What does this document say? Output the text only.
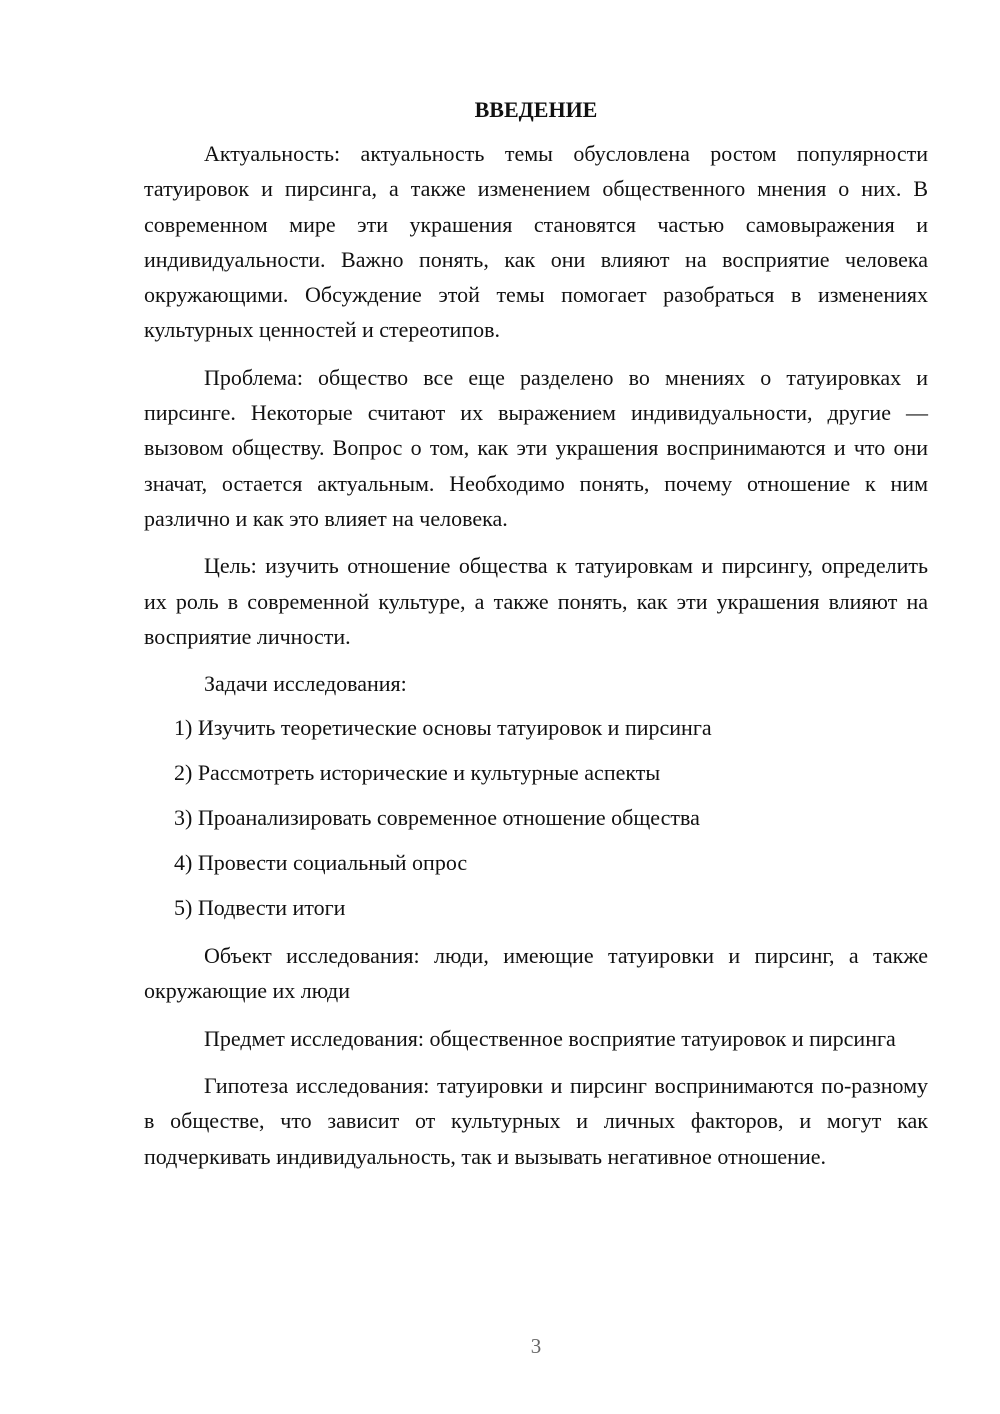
ВВЕДЕНИЕ

Актуальность: актуальность темы обусловлена ростом популярности татуировок и пирсинга, а также изменением общественного мнения о них. В современном мире эти украшения становятся частью самовыражения и индивидуальности. Важно понять, как они влияют на восприятие человека окружающими. Обсуждение этой темы помогает разобраться в изменениях культурных ценностей и стереотипов.

Проблема: общество все еще разделено во мнениях о татуировках и пирсинге. Некоторые считают их выражением индивидуальности, другие — вызовом обществу. Вопрос о том, как эти украшения воспринимаются и что они значат, остается актуальным. Необходимо понять, почему отношение к ним различно и как это влияет на человека.

Цель: изучить отношение общества к татуировкам и пирсингу, определить их роль в современной культуре, а также понять, как эти украшения влияют на восприятие личности.

Задачи исследования:
1) Изучить теоретические основы татуировок и пирсинга
2) Рассмотреть исторические и культурные аспекты
3) Проанализировать современное отношение общества
4) Провести социальный опрос
5) Подвести итоги

Объект исследования: люди, имеющие татуировки и пирсинг, а также окружающие их люди

Предмет исследования: общественное восприятие татуировок и пирсинга

Гипотеза исследования: татуировки и пирсинг воспринимаются по-разному в обществе, что зависит от культурных и личных факторов, и могут как подчеркивать индивидуальность, так и вызывать негативное отношение.

3
